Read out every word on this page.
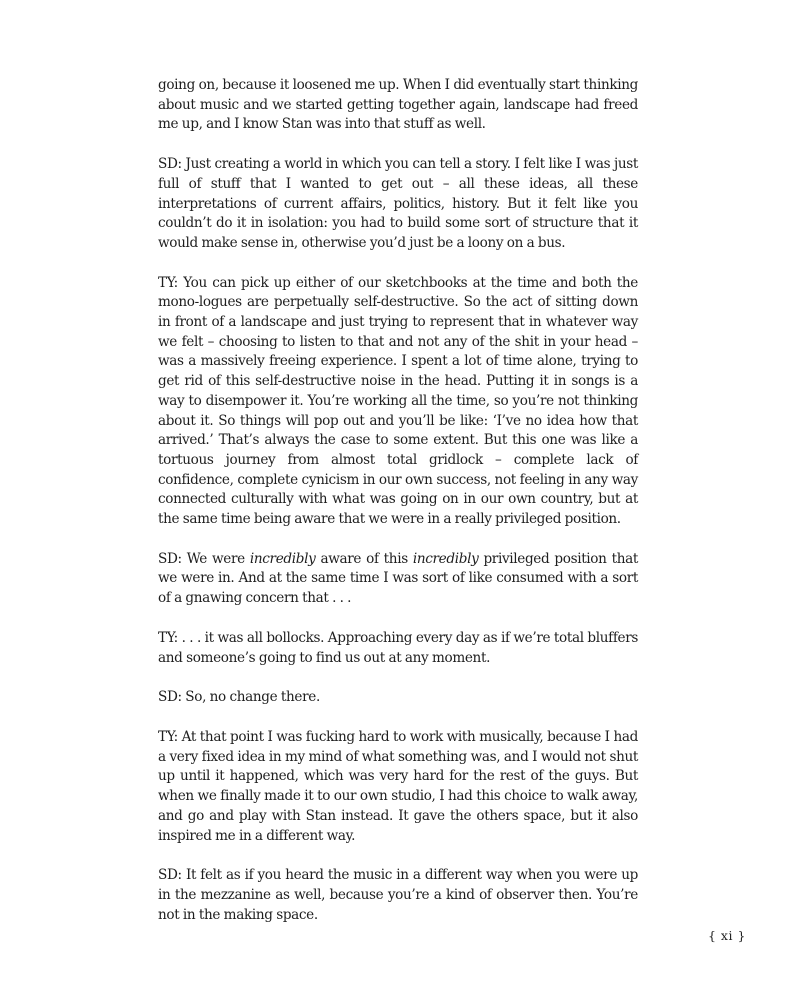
going on, because it loosened me up. When I did eventually start thinking about music and we started getting together again, landscape had freed me up, and I know Stan was into that stuff as well.

SD: Just creating a world in which you can tell a story. I felt like I was just full of stuff that I wanted to get out – all these ideas, all these interpretations of current affairs, politics, history. But it felt like you couldn’t do it in isolation: you had to build some sort of structure that it would make sense in, otherwise you’d just be a loony on a bus.

TY: You can pick up either of our sketchbooks at the time and both the mono-logues are perpetually self-destructive. So the act of sitting down in front of a landscape and just trying to represent that in whatever way we felt – choosing to listen to that and not any of the shit in your head – was a massively freeing experience. I spent a lot of time alone, trying to get rid of this self-destructive noise in the head. Putting it in songs is a way to disempower it. You’re working all the time, so you’re not thinking about it. So things will pop out and you’ll be like: ‘I’ve no idea how that arrived.’ That’s always the case to some extent. But this one was like a tortuous journey from almost total gridlock – complete lack of confidence, complete cynicism in our own success, not feeling in any way connected culturally with what was going on in our own country, but at the same time being aware that we were in a really privileged position.

SD: We were incredibly aware of this incredibly privileged position that we were in. And at the same time I was sort of like consumed with a sort of a gnawing concern that . . .

TY: . . . it was all bollocks. Approaching every day as if we’re total bluffers and someone’s going to find us out at any moment.

SD: So, no change there.

TY: At that point I was fucking hard to work with musically, because I had a very fixed idea in my mind of what something was, and I would not shut up until it happened, which was very hard for the rest of the guys. But when we finally made it to our own studio, I had this choice to walk away, and go and play with Stan instead. It gave the others space, but it also inspired me in a different way.

SD: It felt as if you heard the music in a different way when you were up in the mezzanine as well, because you’re a kind of observer then. You’re not in the making space.

{ xi }
